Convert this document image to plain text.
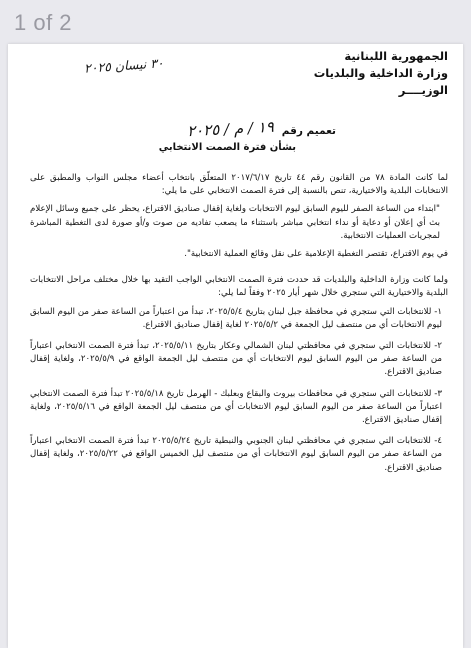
1 of 2
الجمهورية اللبنانية
وزارة الداخلية والبلديات
الوزيــــر
٣٠ نيسان ٢٠٢٥
تعميم رقم
١٩ / م / ٢٠٢٥
بشأن فترة الصمت الانتخابي

لما كانت المادة ٧٨ من القانون رقم ٤٤ تاريخ ٢٠١٧/٦/١٧ المتعلّق بانتخاب أعضاء مجلس النواب والمطبق على الانتخابات البلدية والاختيارية، تنص بالنسبة إلى فترة الصمت الانتخابي على ما يلي:

"ابتداء من الساعة الصفر لليوم السابق ليوم الانتخابات ولغاية إقفال صناديق الاقتراع، يحظر على جميع وسائل الإعلام بث أي إعلان أو دعاية أو نداء انتخابي مباشر باستثناء ما يصعب تفاديه من صوت و/أو صورة لدى التغطية المباشرة لمجريات العمليات الانتخابية.

في يوم الاقتراع، تقتصر التغطية الإعلامية على نقل وقائع العملية الانتخابية".

ولما كانت وزارة الداخلية والبلديات قد حددت فترة الصمت الانتخابي الواجب التقيد بها خلال مختلف مراحل الانتخابات البلدية والاختيارية التي ستجري خلال شهر أيار ٢٠٢٥ وفقاً لما يلي:

١- للانتخابات التي ستجري في محافظة جبل لبنان بتاريخ ٢٠٢٥/٥/٤، تبدأ من اعتباراً من الساعة صفر من اليوم السابق ليوم الانتخابات أي من منتصف ليل الجمعة في ٢٠٢٥/٥/٢ لغاية إقفال صناديق الاقتراع.

٢- للانتخابات التي ستجري في محافظتي لبنان الشمالي وعكار بتاريخ ٢٠٢٥/٥/١١، تبدأ فترة الصمت الانتخابي اعتباراً من الساعة صفر من اليوم السابق ليوم الانتخابات أي من منتصف ليل الجمعة الواقع في ٢٠٢٥/٥/٩، ولغاية إقفال صناديق الاقتراع.

٣- للانتخابات التي ستجري في محافظات بيروت والبقاع وبعلبك - الهرمل تاريخ ٢٠٢٥/٥/١٨ تبدأ فترة الصمت الانتخابي اعتباراً من الساعة صفر من اليوم السابق ليوم الانتخابات أي من منتصف ليل الجمعة الواقع في ٢٠٢٥/٥/١٦، ولغاية إقفال صناديق الاقتراع.

٤- للانتخابات التي ستجري في محافظتي لبنان الجنوبي والنبطية تاريخ ٢٠٢٥/٥/٢٤ تبدأ فترة الصمت الانتخابي اعتباراً من الساعة صفر من اليوم السابق ليوم الانتخابات أي من منتصف ليل الخميس الواقع في ٢٠٢٥/٥/٢٢، ولغاية إقفال صناديق الاقتراع.
